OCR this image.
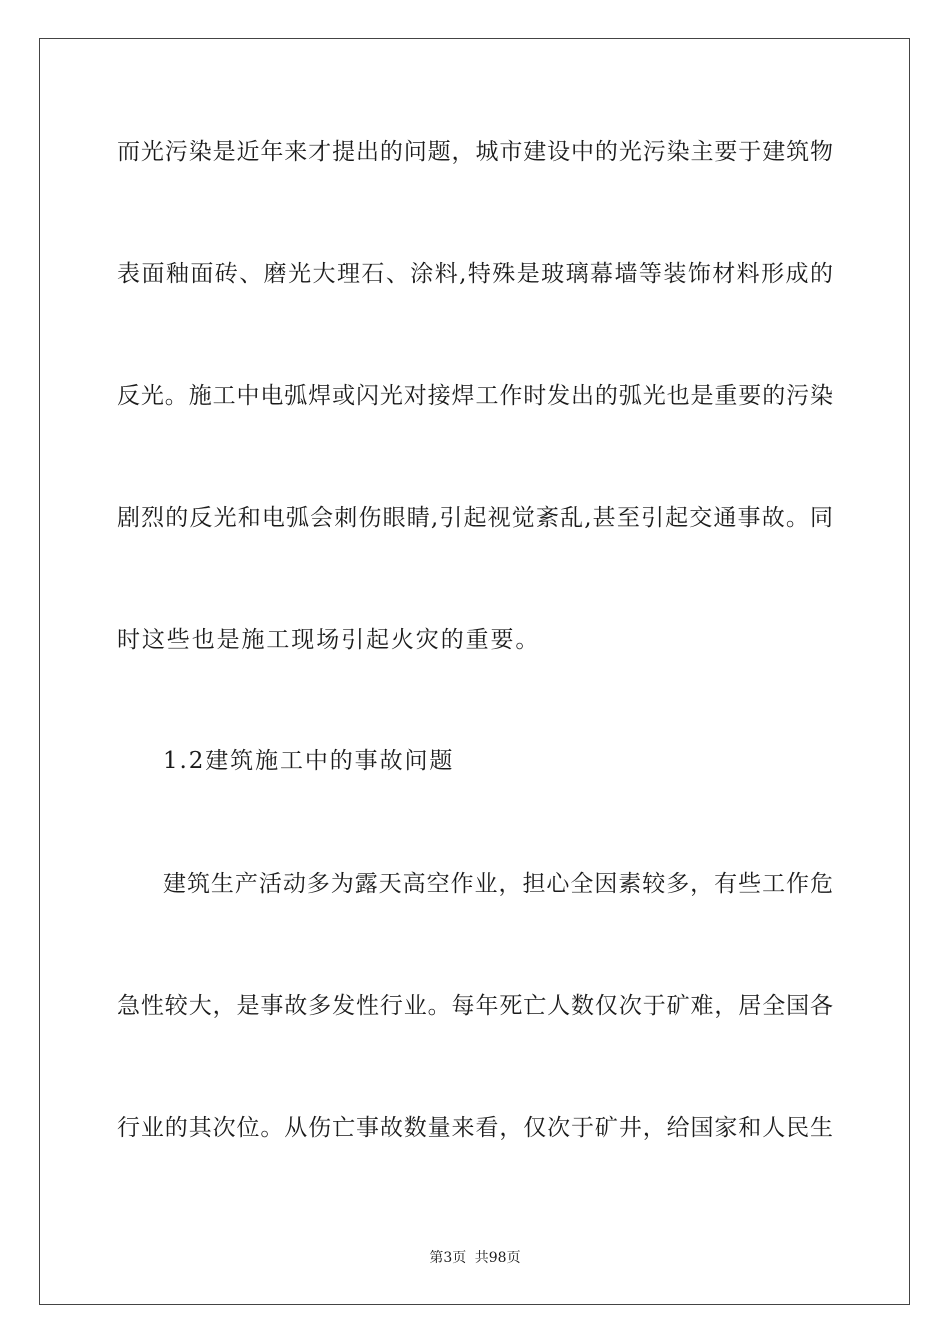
而光污染是近年来才提出的问题，城市建设中的光污染主要于建筑物
表面釉面砖、磨光大理石、涂料,特殊是玻璃幕墙等装饰材料形成的
反光。施工中电弧焊或闪光对接焊工作时发出的弧光也是重要的污染
剧烈的反光和电弧会刺伤眼睛,引起视觉紊乱,甚至引起交通事故。同
时这些也是施工现场引起火灾的重要。
1.2建筑施工中的事故问题
建筑生产活动多为露天高空作业，担心全因素较多，有些工作危
急性较大，是事故多发性行业。每年死亡人数仅次于矿难，居全国各
行业的其次位。从伤亡事故数量来看，仅次于矿井，给国家和人民生
第3页 共98页
